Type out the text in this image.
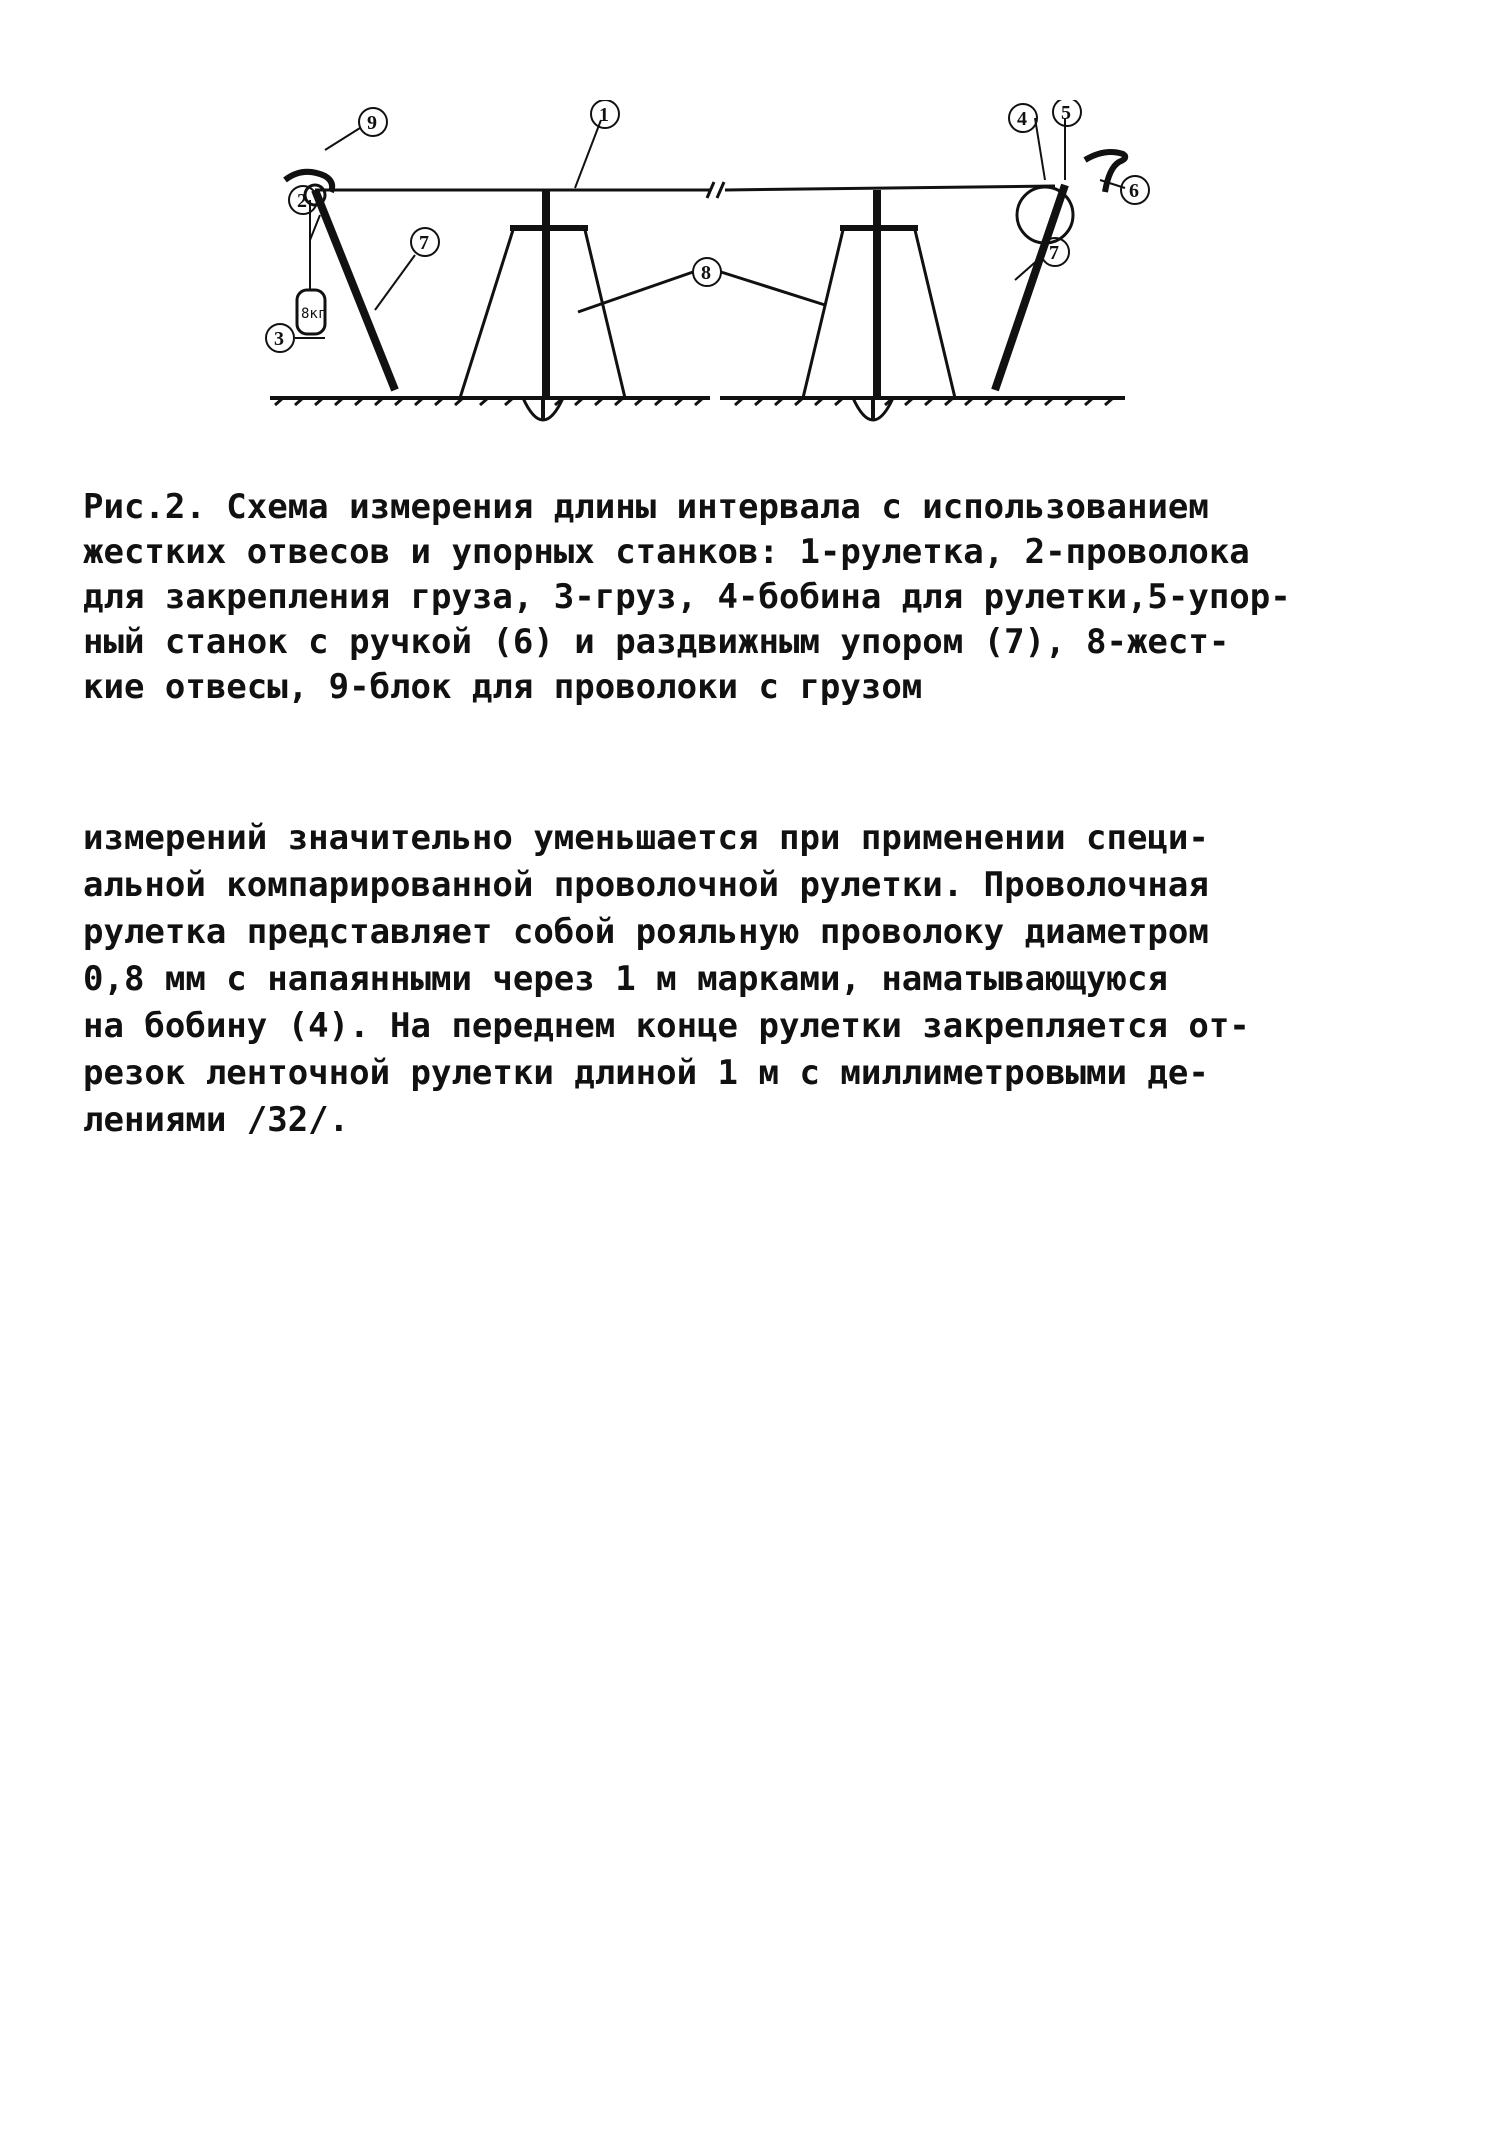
8кг
9	1
2
3
7
8
4 5
6
7
Рис.2. Схема измерения длины интервала с использованием
жестких отвесов и упорных станков: 1-рулетка, 2-проволока
для закрепления груза, 3-груз, 4-бобина для рулетки,5-упор-
ный станок с ручкой (6) и раздвижным упором (7), 8-жест-
кие отвесы, 9-блок для проволоки с грузом
измерений значительно уменьшается при применении специ-
альной компарированной проволочной рулетки. Проволочная
рулетка представляет собой рояльную проволоку диаметром
0,8 мм с напаянными через 1 м марками, наматывающуюся
на бобину (4). На переднем конце рулетки закрепляется от-
резок ленточной рулетки длиной 1 м с миллиметровыми де-
лениями /32/.
